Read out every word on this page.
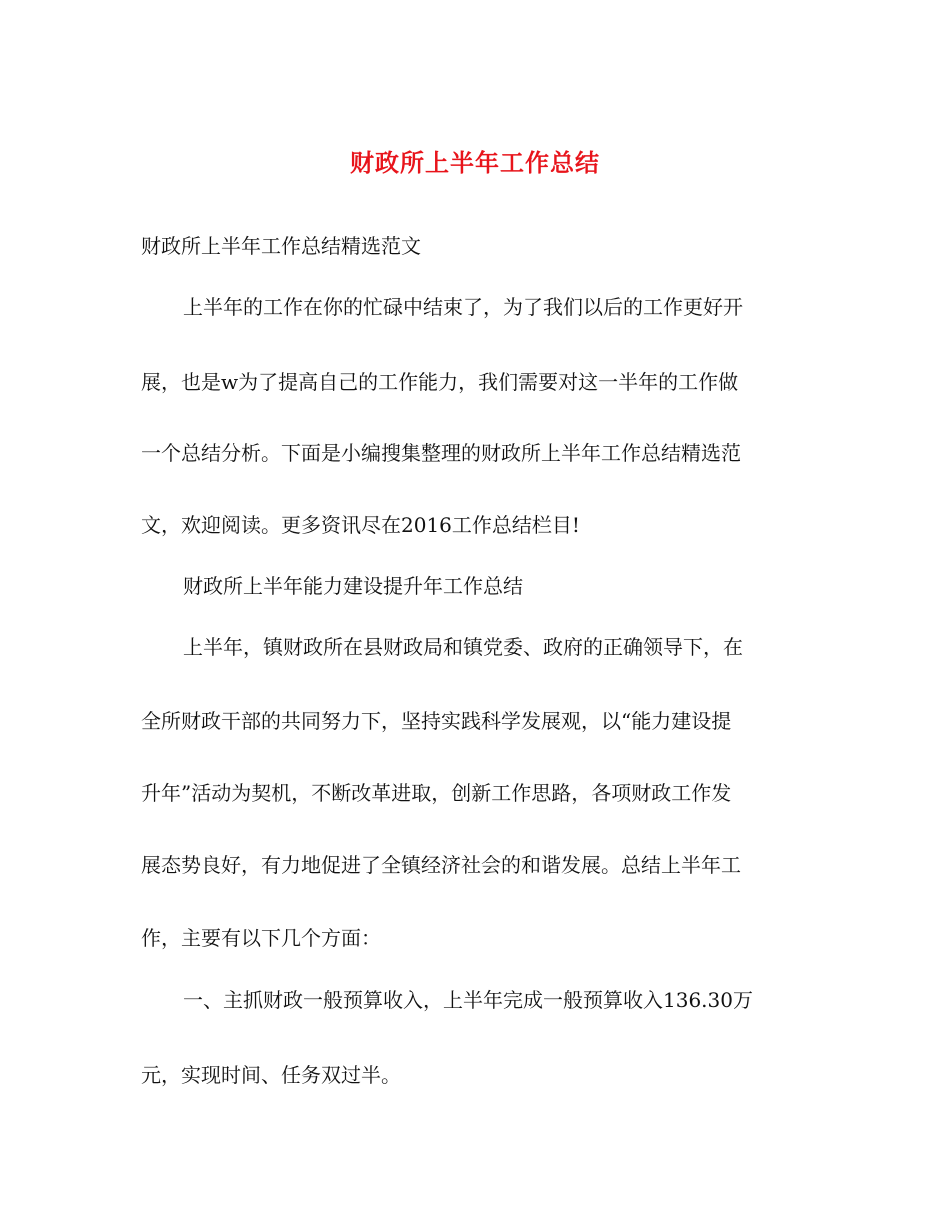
财政所上半年工作总结
财政所上半年工作总结精选范文
上半年的工作在你的忙碌中结束了，为了我们以后的工作更好开
展，也是w为了提高自己的工作能力，我们需要对这一半年的工作做
一个总结分析。下面是小编搜集整理的财政所上半年工作总结精选范
文，欢迎阅读。更多资讯尽在2016工作总结栏目!
财政所上半年能力建设提升年工作总结
上半年，镇财政所在县财政局和镇党委、政府的正确领导下，在
全所财政干部的共同努力下，坚持实践科学发展观，以“能力建设提
升年”活动为契机，不断改革进取，创新工作思路，各项财政工作发
展态势良好，有力地促进了全镇经济社会的和谐发展。总结上半年工
作，主要有以下几个方面：
一、主抓财政一般预算收入，上半年完成一般预算收入136.30万
元，实现时间、任务双过半。
